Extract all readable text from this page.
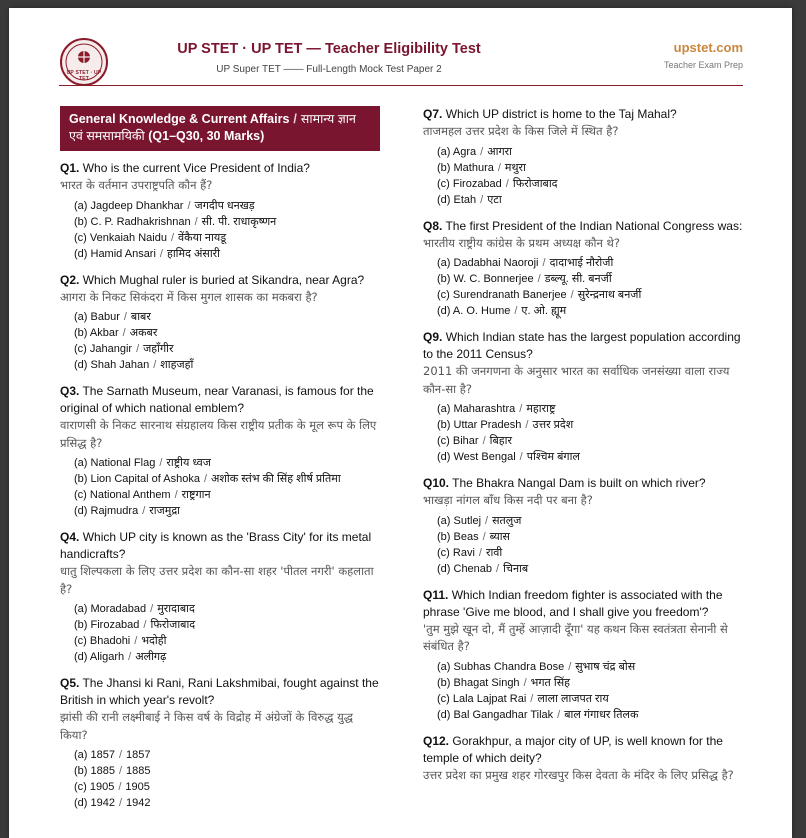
UP STET · UP TET
UP STET · UP TET — Teacher Eligibility Test
UP Super TET —— Full-Length Mock Test Paper 2
upstet.com
Teacher Exam Prep
General Knowledge & Current Affairs / सामान्य ज्ञान एवं समसामयिकी (Q1–Q30, 30 Marks)
Q1. Who is the current Vice President of India?
भारत के वर्तमान उपराष्ट्रपति कौन हैं?
(a) Jagdeep Dhankhar / जगदीप धनखड़
(b) C. P. Radhakrishnan / सी. पी. राधाकृष्णन
(c) Venkaiah Naidu / वेंकैया नायडू
(d) Hamid Ansari / हामिद अंसारी
Q2. Which Mughal ruler is buried at Sikandra, near Agra?
आगरा के निकट सिकंदरा में किस मुगल शासक का मकबरा है?
(a) Babur / बाबर
(b) Akbar / अकबर
(c) Jahangir / जहाँगीर
(d) Shah Jahan / शाहजहाँ
Q3. The Sarnath Museum, near Varanasi, is famous for the original of which national emblem?
वाराणसी के निकट सारनाथ संग्रहालय किस राष्ट्रीय प्रतीक के मूल रूप के लिए प्रसिद्ध है?
(a) National Flag / राष्ट्रीय ध्वज
(b) Lion Capital of Ashoka / अशोक स्तंभ की सिंह शीर्ष प्रतिमा
(c) National Anthem / राष्ट्रगान
(d) Rajmudra / राजमुद्रा
Q4. Which UP city is known as the 'Brass City' for its metal handicrafts?
धातु शिल्पकला के लिए उत्तर प्रदेश का कौन-सा शहर 'पीतल नगरी' कहलाता है?
(a) Moradabad / मुरादाबाद
(b) Firozabad / फिरोजाबाद
(c) Bhadohi / भदोही
(d) Aligarh / अलीगढ़
Q5. The Jhansi ki Rani, Rani Lakshmibai, fought against the British in which year's revolt?
झांसी की रानी लक्ष्मीबाई ने किस वर्ष के विद्रोह में अंग्रेजों के विरुद्ध युद्ध किया?
(a) 1857 / 1857
(b) 1885 / 1885
(c) 1905 / 1905
(d) 1942 / 1942
Q7. Which UP district is home to the Taj Mahal?
ताजमहल उत्तर प्रदेश के किस जिले में स्थित है?
(a) Agra / आगरा
(b) Mathura / मथुरा
(c) Firozabad / फिरोजाबाद
(d) Etah / एटा
Q8. The first President of the Indian National Congress was:
भारतीय राष्ट्रीय कांग्रेस के प्रथम अध्यक्ष कौन थे?
(a) Dadabhai Naoroji / दादाभाई नौरोजी
(b) W. C. Bonnerjee / डब्ल्यू. सी. बनर्जी
(c) Surendranath Banerjee / सुरेन्द्रनाथ बनर्जी
(d) A. O. Hume / ए. ओ. ह्यूम
Q9. Which Indian state has the largest population according to the 2011 Census?
2011 की जनगणना के अनुसार भारत का सर्वाधिक जनसंख्या वाला राज्य कौन-सा है?
(a) Maharashtra / महाराष्ट्र
(b) Uttar Pradesh / उत्तर प्रदेश
(c) Bihar / बिहार
(d) West Bengal / पश्चिम बंगाल
Q10. The Bhakra Nangal Dam is built on which river?
भाखड़ा नांगल बाँध किस नदी पर बना है?
(a) Sutlej / सतलुज
(b) Beas / ब्यास
(c) Ravi / रावी
(d) Chenab / चिनाब
Q11. Which Indian freedom fighter is associated with the phrase 'Give me blood, and I shall give you freedom'?
'तुम मुझे खून दो, मैं तुम्हें आज़ादी दूँगा' यह कथन किस स्वतंत्रता सेनानी से संबंधित है?
(a) Subhas Chandra Bose / सुभाष चंद्र बोस
(b) Bhagat Singh / भगत सिंह
(c) Lala Lajpat Rai / लाला लाजपत राय
(d) Bal Gangadhar Tilak / बाल गंगाधर तिलक
Q12. Gorakhpur, a major city of UP, is well known for the temple of which deity?
उत्तर प्रदेश का प्रमुख शहर गोरखपुर किस देवता के मंदिर के लिए प्रसिद्ध है?
